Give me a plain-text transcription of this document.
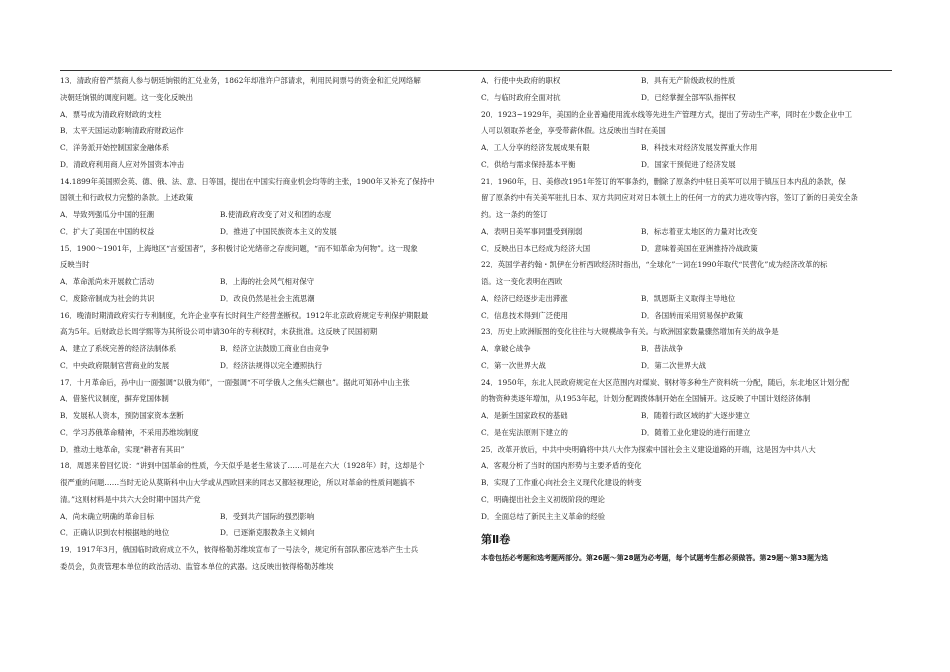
13．清政府曾严禁商人参与朝廷饷银的汇兑业务，1862年却准许户部请求，利用民间票号的资金和汇兑网络解
决朝廷饷银的调度问题。这一变化反映出
A．票号成为清政府财政的支柱
B．太平天国运动影响清政府财政运作
C．洋务派开始控制国家金融体系
D．清政府利用商人应对外国资本冲击
14.1899年美国照会英、德、俄、法、意、日等国，提出在中国实行商业机会均等的主张，1900年又补充了保持中
国领土和行政权力完整的条款。上述政策
A．导致列强瓜分中国的狂潮	B.使清政府改变了对义和团的态度
C．扩大了美国在中国的权益	D．推进了中国民族资本主义的发展
15．1900～1901年，上海地区“言爱国者”，多积极讨论光绪帝之存废问题，“而不知革命为何物”。这一现象
反映当时
A．革命派尚未开展救亡活动	B．上海的社会风气相对保守
C．废除帝制成为社会的共识	D．改良仍然是社会主流思潮
16．晚清时期清政府实行专利制度，允许企业享有长时间生产经营垄断权。1912年北京政府规定专利保护期限最
高为5年。后财政总长周学熙等为其所设公司申请30年的专利权时，未获批准。这反映了民国初期
A．建立了系统完善的经济法制体系	B．经济立法鼓励工商业自由竞争
C．中央政府限制官营商业的发展	D．经济法规得以完全遵照执行
17．十月革命后，孙中山一面强调“以俄为师”，一面强调“不可学俄人之焦头烂额也”。据此可知孙中山主张
A．借鉴代议制度，摒弃党国体制
B．发展私人资本，预防国家资本垄断
C．学习苏俄革命精神，不采用苏维埃制度
D．推动土地革命，实现“耕者有其田”
18．周恩来曾回忆说：“讲到中国革命的性质，今天似乎是老生常谈了……可是在六大（1928年）时，这却是个
很严重的问题……当时无论从莫斯科中山大学或从西欧回来的同志又都轻视理论，所以对革命的性质问题搞不
清。”这则材料是中共六大会时期中国共产党
A．尚未确立明确的革命目标	B．受到共产国际的强烈影响
C．正确认识到农村根据地的地位	D．已逐渐克服教条主义倾向
19．1917年3月，俄国临时政府成立不久，彼得格勒苏维埃宣布了一号法令，规定所有部队都应选举产生士兵
委员会，负责管理本单位的政治活动、监管本单位的武器。这反映出彼得格勒苏维埃
A．行使中央政府的职权	B．具有无产阶级政权的性质
C．与临时政府全面对抗	D．已经掌握全部军队指挥权
20．1923~1929年，美国的企业普遍使用流水线等先进生产管理方式，提出了劳动生产率，同时在少数企业中工
人可以领取养老金，享受带薪休假。这反映出当时在美国
A．工人分享的经济发展成果有限	B．科技未对经济发展发挥重大作用
C．供给与需求保持基本平衡	D．国家干预促进了经济发展
21．1960年，日、美修改1951年签订的军事条约，删除了原条约中驻日美军可以用于镇压日本内乱的条款，保
留了原条约中有关美军驻扎日本、双方共同应对对日本领土上的任何一方的武力进攻等内容，签订了新的日美安全条
约。这一条约的签订
A．表明日美军事同盟受到削弱	B．标志着亚太地区的力量对比改变
C．反映出日本已经成为经济大国	D．意味着美国在亚洲推持冷战政策
22．英国学者约翰・凯伊在分析西欧经济时指出，“全球化”一词在1990年取代“民营化”成为经济改革的标
语。这一变化表明在西欧
A．经济已经逐步走出滞涨	B．凯恩斯主义取得主导地位
C．信息技术得到广泛使用	D．各国转而采用贸易保护政策
23．历史上欧洲版图的变化往往与大规模战争有关。与欧洲国家数量骤然增加有关的战争是
A．拿破仑战争	B．普法战争
C．第一次世界大战	D．第二次世界大战
24．1950年，东北人民政府规定在大区范围内对煤炭、钢材等多种生产资料统一分配，随后，东北地区计划分配
的物资种类逐年增加，从1953年起，计划分配调拨体制开始在全国铺开。这反映了中国计划经济体制
A．是新生国家政权的基础	B．随着行政区域的扩大逐步建立
C．是在宪法原则下建立的	D．随着工业化建设的进行而建立
25．改革开放后，中共中央明确将中共八大作为探索中国社会主义建设道路的开端，这是因为中共八大
A．客观分析了当时的国内形势与主要矛盾的变化
B．实现了工作重心向社会主义现代化建设的转变
C．明确提出社会主义初级阶段的理论
D．全面总结了新民主主义革命的经验
第Ⅱ卷
本卷包括必考题和选考题两部分。第26题～第28题为必考题，每个试题考生都必须做答。第29题～第33题为选
